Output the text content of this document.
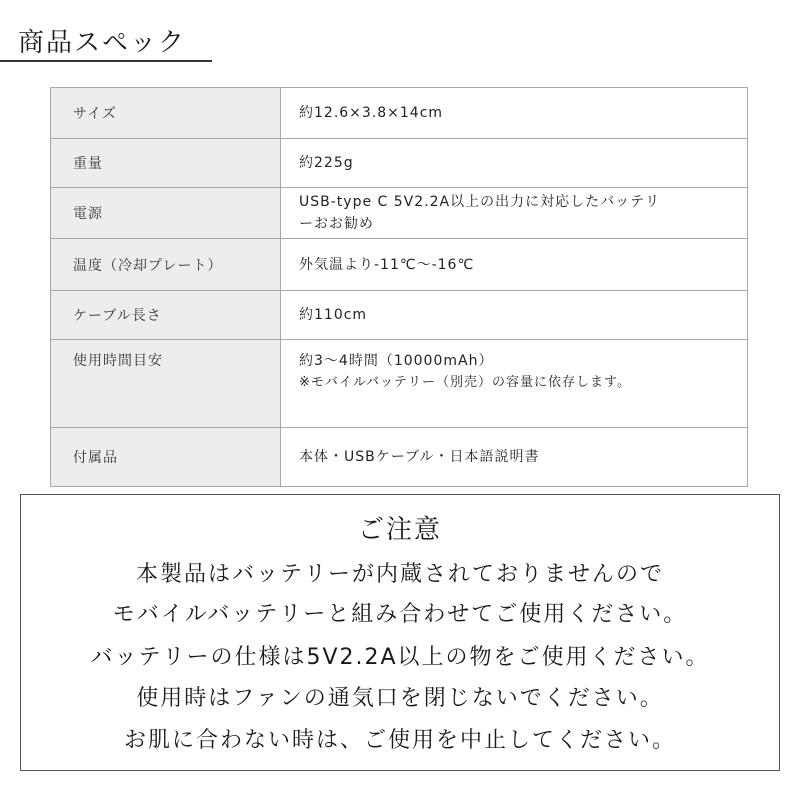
商品スペック
サイズ	約12.6×3.8×14cm
重量	約225g
電源	USB-type C 5V2.2A以上の出力に対応したバッテリ
ーおお勧め

温度（冷却プレート）	外気温より-11℃～-16℃
ケーブル長さ	約110cm
使用時間目安	約3～4時間（10000mAh）
※モバイルバッテリー（別売）の容量に依存します。

付属品	本体・USBケーブル・日本語説明書
ご注意
本製品はバッテリーが内蔵されておりませんので
モバイルバッテリーと組み合わせてご使用ください。
バッテリーの仕様は5V2.2A以上の物をご使用ください。
使用時はファンの通気口を閉じないでください。
お肌に合わない時は、ご使用を中止してください。
